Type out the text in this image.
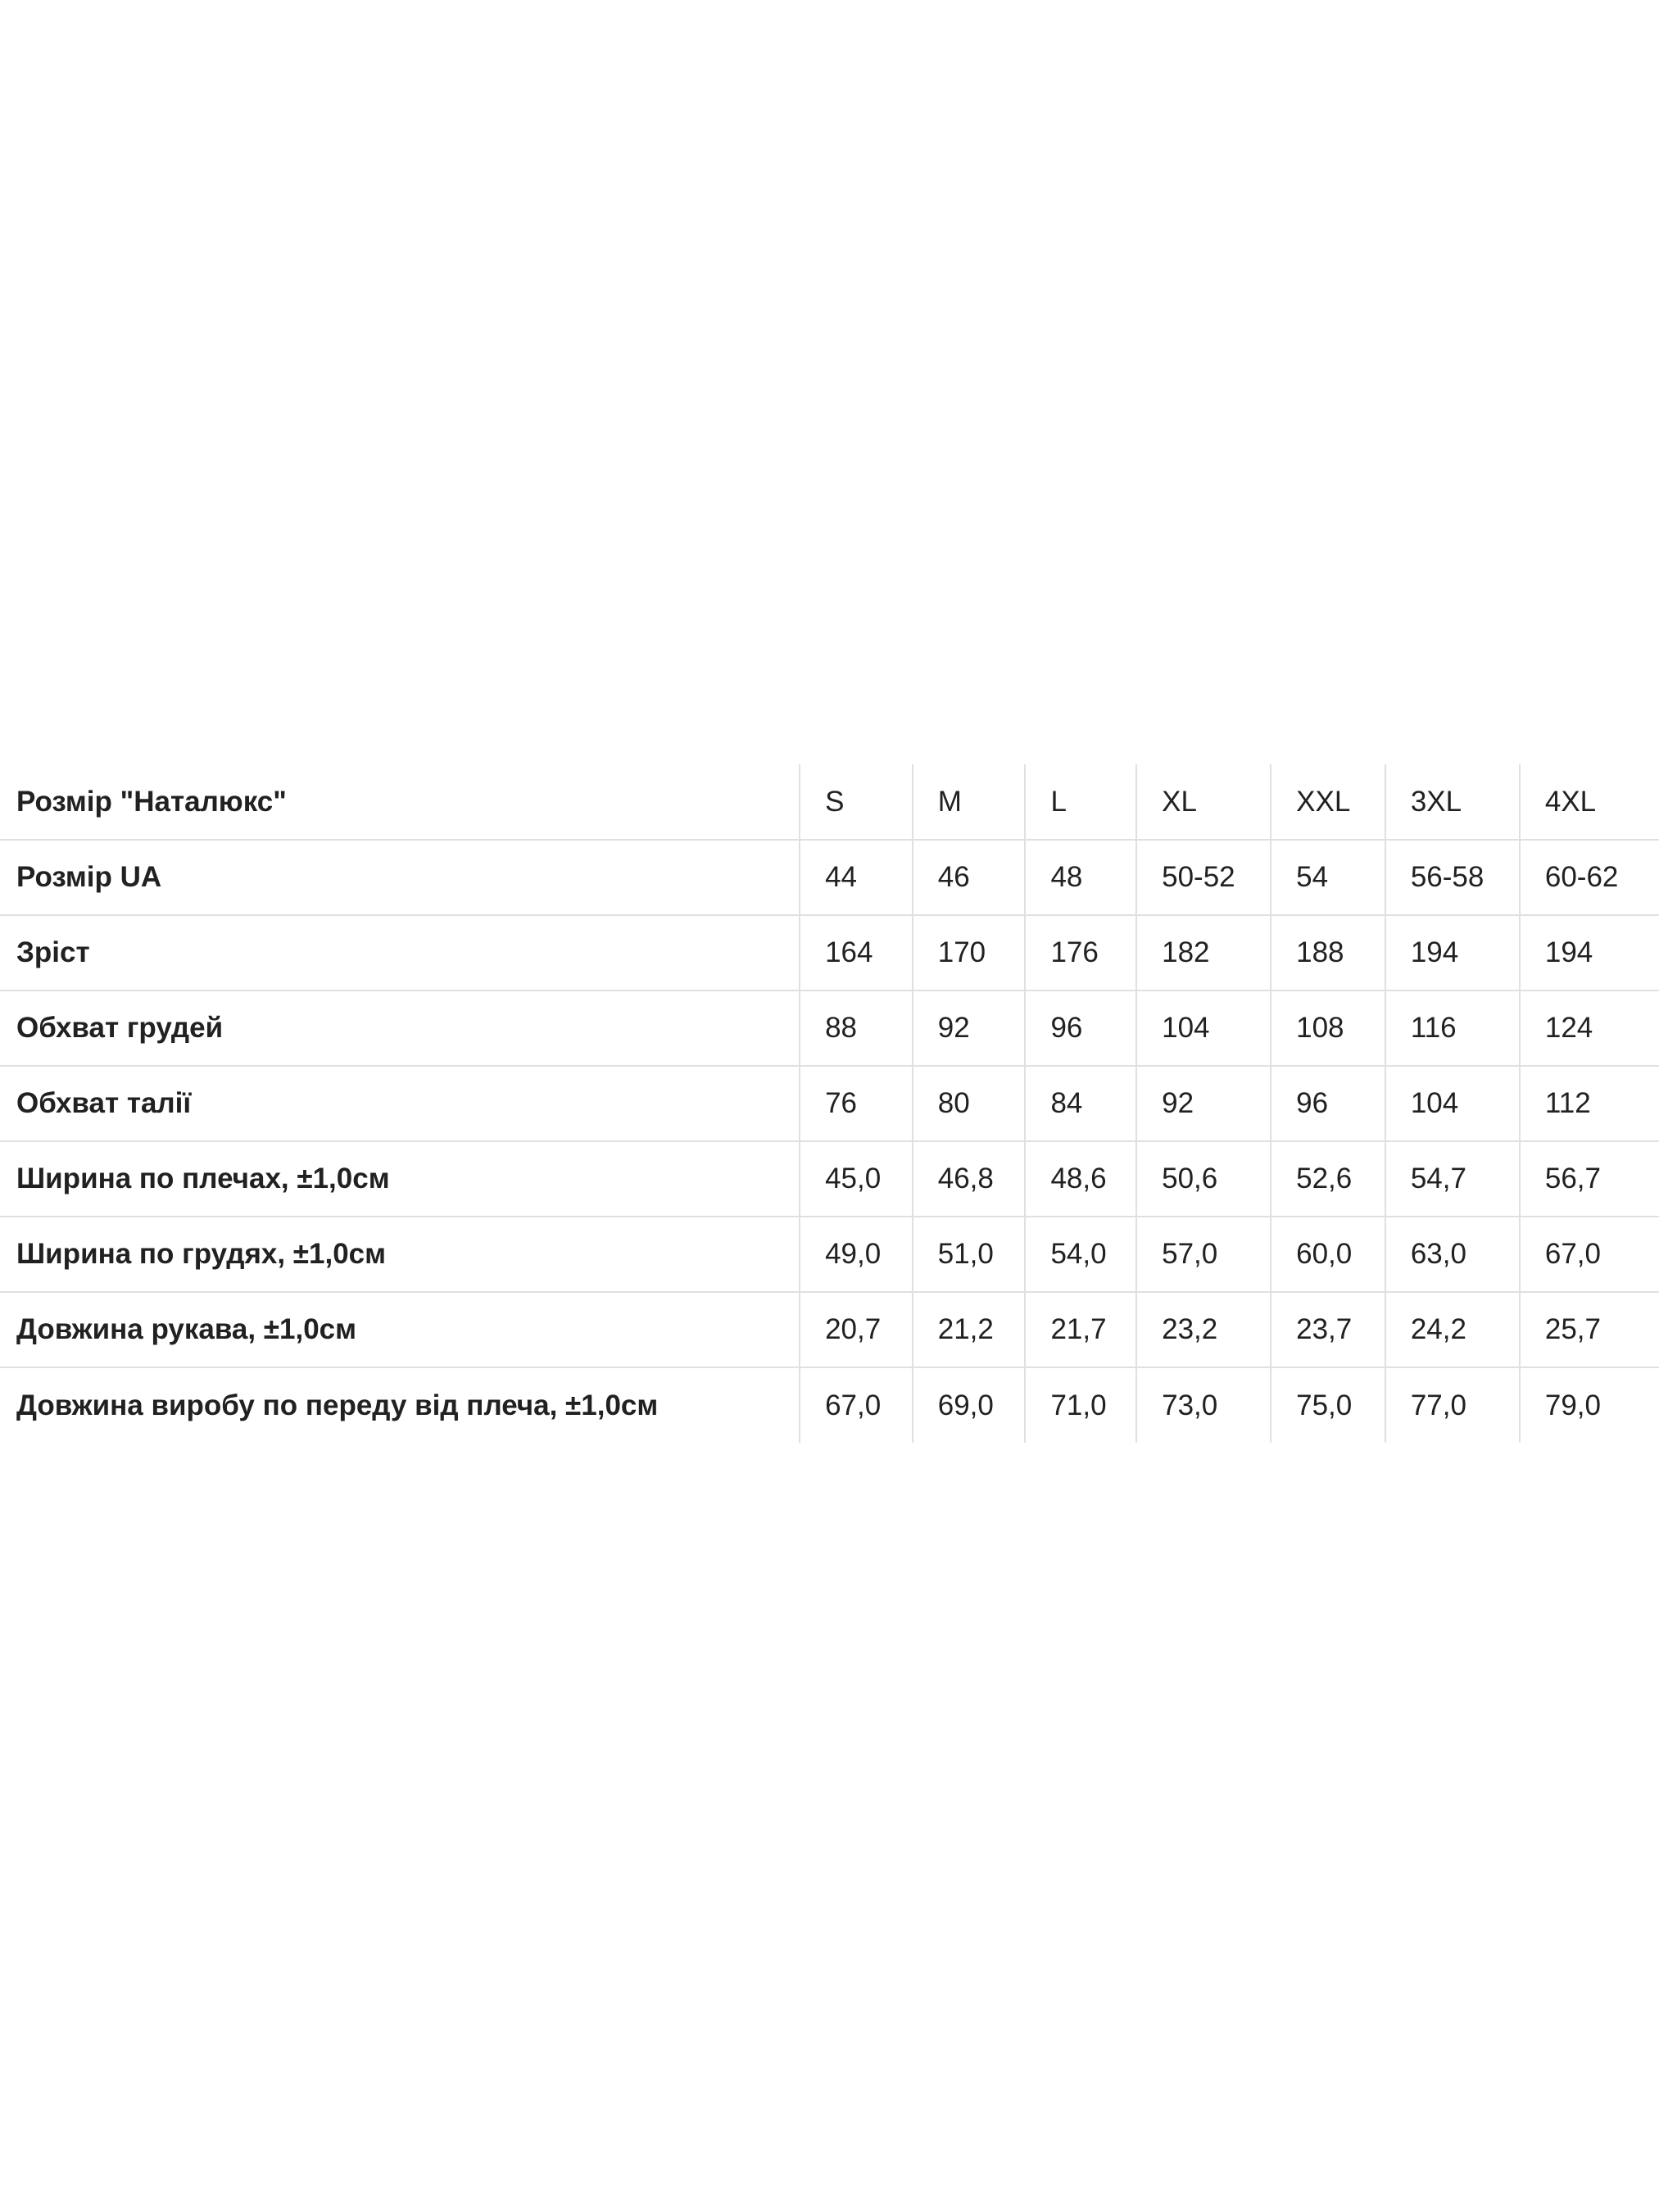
Розмір "Наталюкс"	S	M	L	XL	XXL	3XL	4XL
Розмір UA	44	46	48	50-52	54	56-58	60-62
Зріст	164	170	176	182	188	194	194
Обхват грудей	88	92	96	104	108	116	124
Обхват талії	76	80	84	92	96	104	112
Ширина по плечах, ±1,0см	45,0	46,8	48,6	50,6	52,6	54,7	56,7
Ширина по грудях, ±1,0см	49,0	51,0	54,0	57,0	60,0	63,0	67,0
Довжина рукава, ±1,0см	20,7	21,2	21,7	23,2	23,7	24,2	25,7
Довжина виробу по переду від плеча, ±1,0см	67,0	69,0	71,0	73,0	75,0	77,0	79,0
